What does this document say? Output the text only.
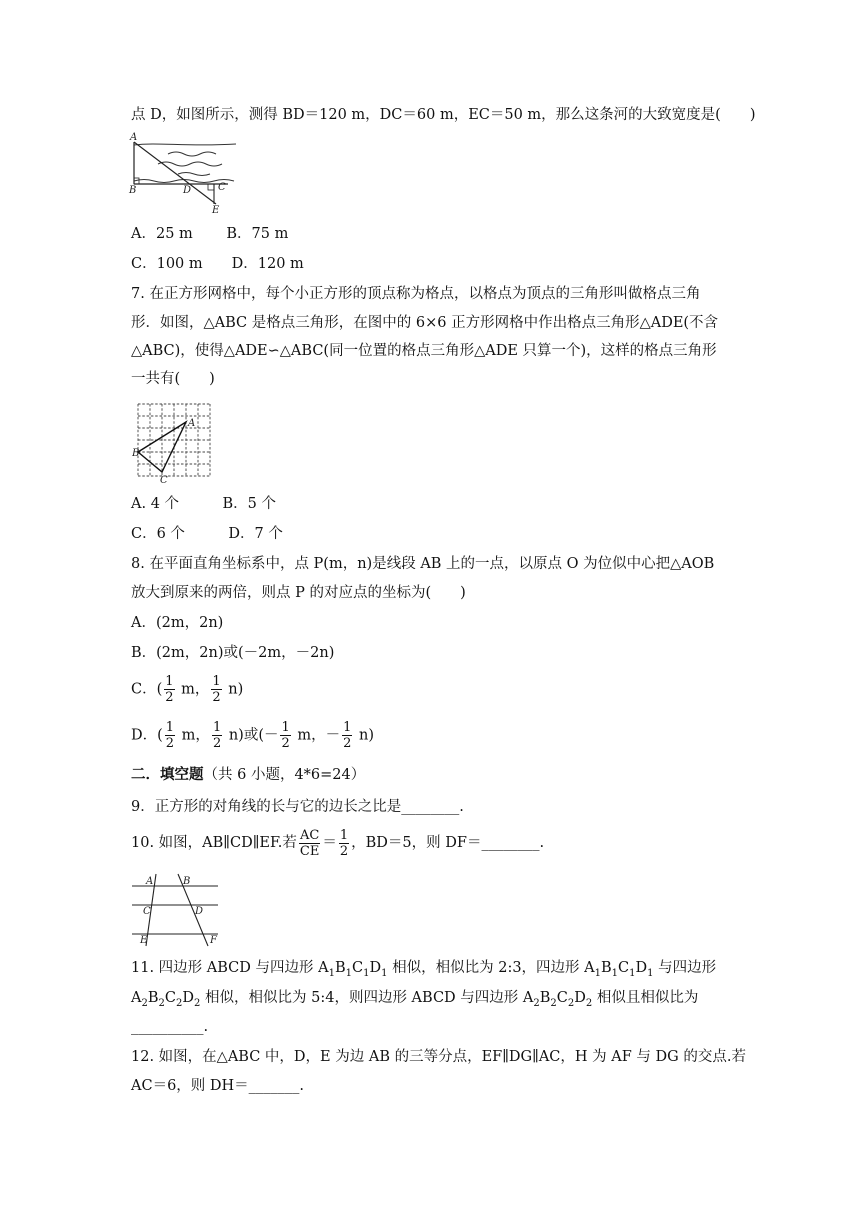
点 D，如图所示，测得 BD＝120 m，DC＝60 m，EC＝50 m，那么这条河的大致宽度是(　　)
A
B	D	C
E
A．25 m　　 B．75 m
C．100 m　　D．120 m
7. 在正方形网格中，每个小正方形的顶点称为格点，以格点为顶点的三角形叫做格点三角
形．如图，△ABC 是格点三角形，在图中的 6×6 正方形网格中作出格点三角形△ADE(不含
△ABC)，使得△ADE∽△ABC(同一位置的格点三角形△ADE 只算一个)，这样的格点三角形
一共有(　　)
A
B
C
A. 4 个　　　B．5 个
C．6 个　　　D．7 个
8. 在平面直角坐标系中，点 P(m，n)是线段 AB 上的一点，以原点 O 为位似中心把△AOB
放大到原来的两倍，则点 P 的对应点的坐标为(　　)
A．(2m，2n)
B．(2m，2n)或(－2m，－2n)
C．( $\frac{1}{2}$ m， $\frac{1}{2} n$)
D．( $\frac{1}{2}$ m， $\frac{1}{2} n$)或(－ $\frac{1}{2}$ m，－ $\frac{1}{2} n$)
二．填空题（共 6 小题，4*6=24）
9．正方形的对角线的长与它的边长之比是________.
10. 如图，AB∥CD∥EF.若 $\frac{AC}{CE} = \frac{1}{2}$ ，BD＝5，则 DF＝________.
A	B
C	D
E	F
11. 四边形 ABCD 与四边形 $A_1B_1C_1D_1$ 相似，相似比为 2:3，四边形 $A_1B_1C_1D_1$ 与四边形
$A_2B_2C_2D_2$ 相似，相似比为 5:4，则四边形 ABCD 与四边形 $A_2B_2C_2D_2$ 相似且相似比为
__________.
12. 如图，在△ABC 中，D，E 为边 AB 的三等分点，EF∥DG∥AC，H 为 AF 与 DG 的交点.若
AC＝6，则 DH＝_______.
